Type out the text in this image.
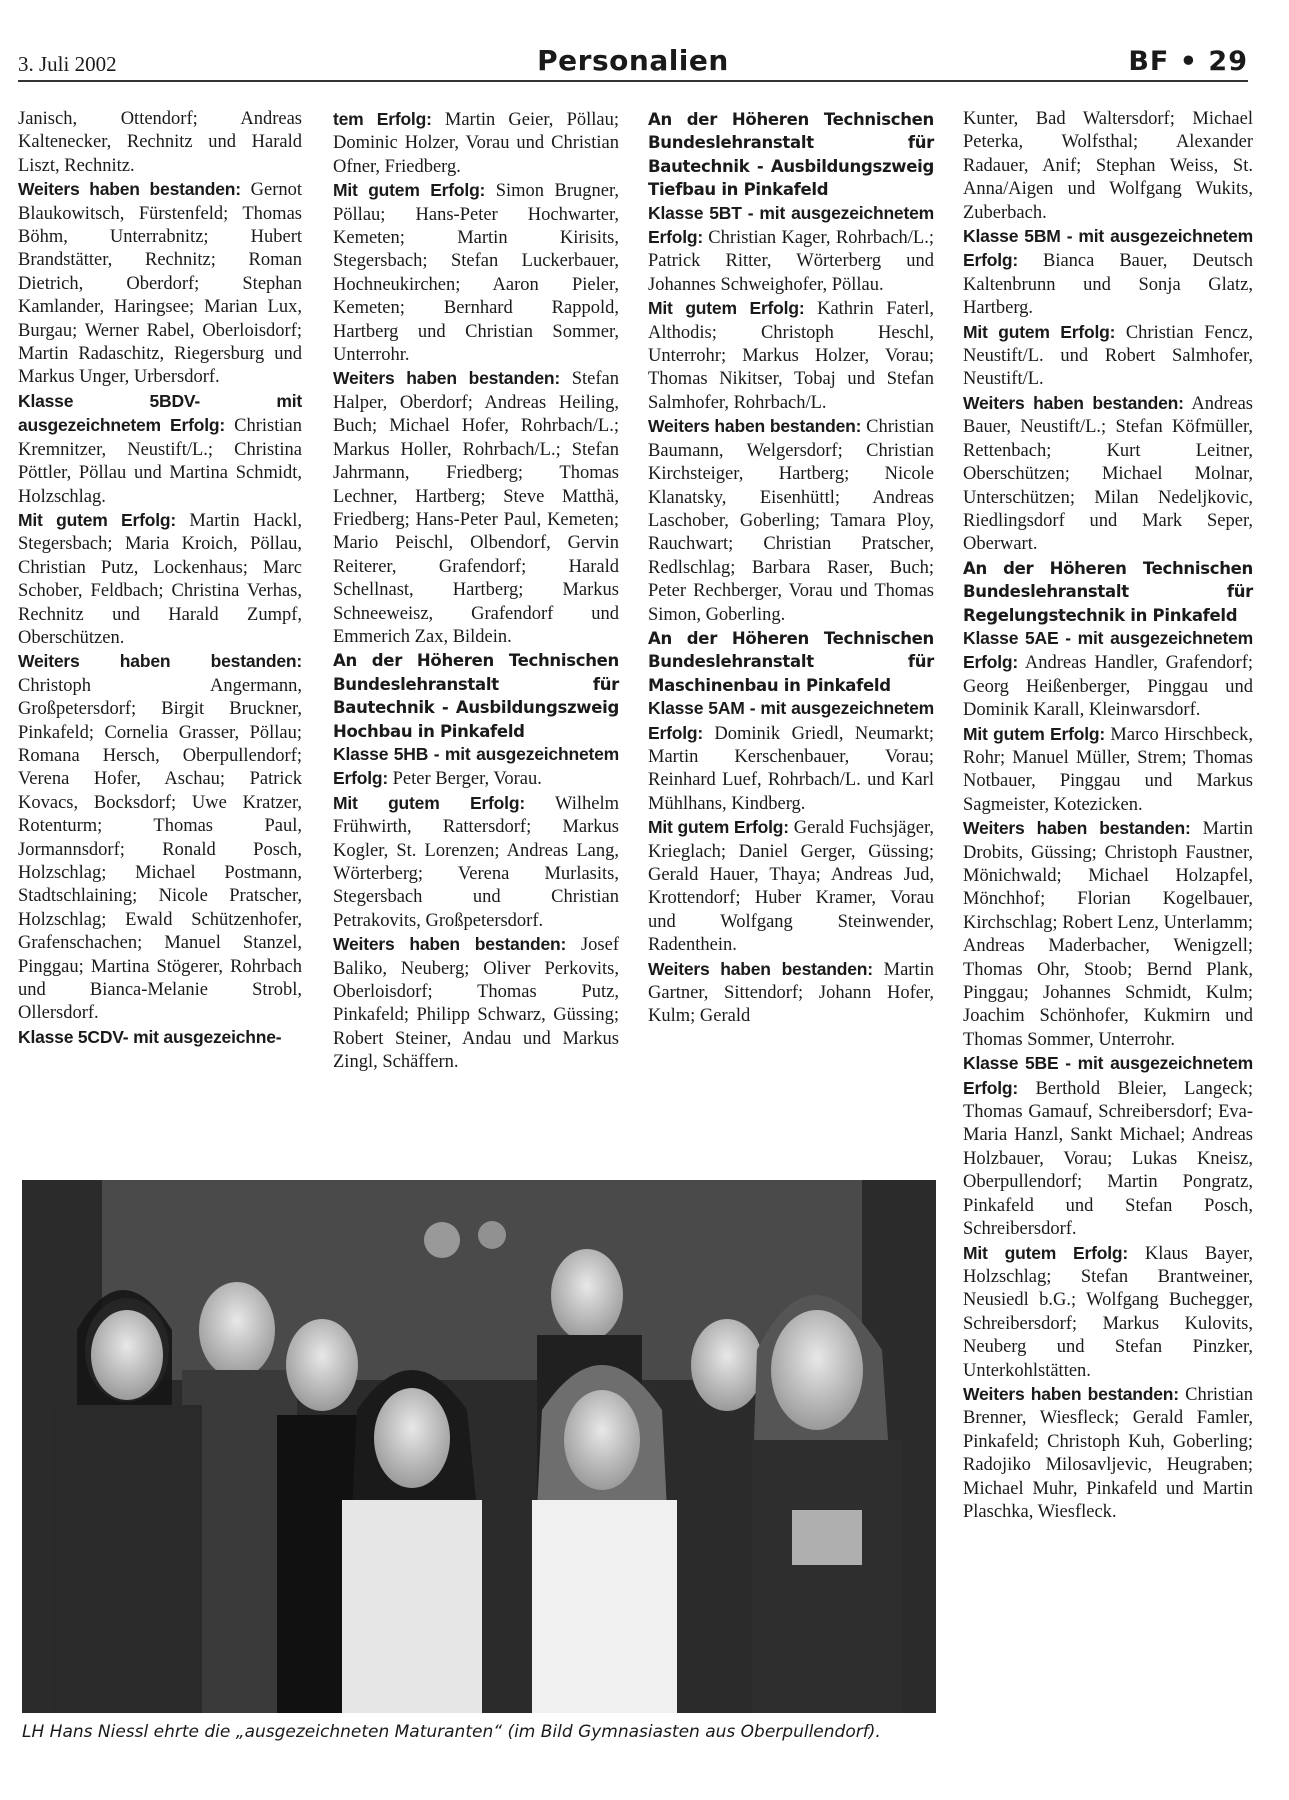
3. Juli 2002	Personalien	BF • 29

Janisch, Ottendorf; Andreas Kaltenecker, Rechnitz und Harald Liszt, Rechnitz.

Weiters haben bestanden: Gernot Blaukowitsch, Fürstenfeld; Thomas Böhm, Unterrabnitz; Hubert Brandstätter, Rechnitz; Roman Dietrich, Oberdorf; Stephan Kamlander, Haringsee; Marian Lux, Burgau; Werner Rabel, Oberloisdorf; Martin Radaschitz, Riegersburg und Markus Unger, Urbersdorf.

Klasse 5BDV- mit ausgezeichnetem Erfolg: Christian Kremnitzer, Neustift/L.; Christina Pöttler, Pöllau und Martina Schmidt, Holzschlag.

Mit gutem Erfolg: Martin Hackl, Stegersbach; Maria Kroich, Pöllau, Christian Putz, Lockenhaus; Marc Schober, Feldbach; Christina Verhas, Rechnitz und Harald Zumpf, Oberschützen.

Weiters haben bestanden: Christoph Angermann, Großpetersdorf; Birgit Bruckner, Pinkafeld; Cornelia Grasser, Pöllau; Romana Hersch, Oberpullendorf; Verena Hofer, Aschau; Patrick Kovacs, Bocksdorf; Uwe Kratzer, Rotenturm; Thomas Paul, Jormannsdorf; Ronald Posch, Holzschlag; Michael Postmann, Stadtschlaining; Nicole Pratscher, Holzschlag; Ewald Schützenhofer, Grafenschachen; Manuel Stanzel, Pinggau; Martina Stögerer, Rohrbach und Bianca-Melanie Strobl, Ollersdorf.

Klasse 5CDV- mit ausgezeichne-

tem Erfolg: Martin Geier, Pöllau; Dominic Holzer, Vorau und Christian Ofner, Friedberg.

Mit gutem Erfolg: Simon Brugner, Pöllau; Hans-Peter Hochwarter, Kemeten; Martin Kirisits, Stegersbach; Stefan Luckerbauer, Hochneukirchen; Aaron Pieler, Kemeten; Bernhard Rappold, Hartberg und Christian Sommer, Unterrohr.

Weiters haben bestanden: Stefan Halper, Oberdorf; Andreas Heiling, Buch; Michael Hofer, Rohrbach/L.; Markus Holler, Rohrbach/L.; Stefan Jahrmann, Friedberg; Thomas Lechner, Hartberg; Steve Matthä, Friedberg; Hans-Peter Paul, Kemeten; Mario Peischl, Olbendorf, Gervin Reiterer, Grafendorf; Harald Schellnast, Hartberg; Markus Schneeweisz, Grafendorf und Emmerich Zax, Bildein.

An der Höheren Technischen Bundeslehranstalt für Bautechnik - Ausbildungszweig Hochbau in Pinkafeld

Klasse 5HB - mit ausgezeichnetem Erfolg: Peter Berger, Vorau.

Mit gutem Erfolg: Wilhelm Frühwirth, Rattersdorf; Markus Kogler, St. Lorenzen; Andreas Lang, Wörterberg; Verena Murlasits, Stegersbach und Christian Petrakovits, Großpetersdorf.

Weiters haben bestanden: Josef Baliko, Neuberg; Oliver Perkovits, Oberloisdorf; Thomas Putz, Pinkafeld; Philipp Schwarz, Güssing; Robert Steiner, Andau und Markus Zingl, Schäffern.

An der Höheren Technischen Bundeslehranstalt für Bautechnik - Ausbildungszweig Tiefbau in Pinkafeld

Klasse 5BT - mit ausgezeichnetem Erfolg: Christian Kager, Rohrbach/L.; Patrick Ritter, Wörterberg und Johannes Schweighofer, Pöllau.

Mit gutem Erfolg: Kathrin Faterl, Althodis; Christoph Heschl, Unterrohr; Markus Holzer, Vorau; Thomas Nikitser, Tobaj und Stefan Salmhofer, Rohrbach/L.

Weiters haben bestanden: Christian Baumann, Welgersdorf; Christian Kirchsteiger, Hartberg; Nicole Klanatsky, Eisenhüttl; Andreas Laschober, Goberling; Tamara Ploy, Rauchwart; Christian Pratscher, Redlschlag; Barbara Raser, Buch; Peter Rechberger, Vorau und Thomas Simon, Goberling.

An der Höheren Technischen Bundeslehranstalt für Maschinenbau in Pinkafeld

Klasse 5AM - mit ausgezeichnetem Erfolg: Dominik Griedl, Neumarkt; Martin Kerschenbauer, Vorau; Reinhard Luef, Rohrbach/L. und Karl Mühlhans, Kindberg.

Mit gutem Erfolg: Gerald Fuchsjäger, Krieglach; Daniel Gerger, Güssing; Gerald Hauer, Thaya; Andreas Jud, Krottendorf; Huber Kramer, Vorau und Wolfgang Steinwender, Radenthein.

Weiters haben bestanden: Martin Gartner, Sittendorf; Johann Hofer, Kulm; Gerald

Kunter, Bad Waltersdorf; Michael Peterka, Wolfsthal; Alexander Radauer, Anif; Stephan Weiss, St. Anna/Aigen und Wolfgang Wukits, Zuberbach.

Klasse 5BM - mit ausgezeichnetem Erfolg: Bianca Bauer, Deutsch Kaltenbrunn und Sonja Glatz, Hartberg.

Mit gutem Erfolg: Christian Fencz, Neustift/L. und Robert Salmhofer, Neustift/L.

Weiters haben bestanden: Andreas Bauer, Neustift/L.; Stefan Köfmüller, Rettenbach; Kurt Leitner, Oberschützen; Michael Molnar, Unterschützen; Milan Nedeljkovic, Riedlingsdorf und Mark Seper, Oberwart.

An der Höheren Technischen Bundeslehranstalt für Regelungstechnik in Pinkafeld

Klasse 5AE - mit ausgezeichnetem Erfolg: Andreas Handler, Grafendorf; Georg Heißenberger, Pinggau und Dominik Karall, Kleinwarsdorf.

Mit gutem Erfolg: Marco Hirschbeck, Rohr; Manuel Müller, Strem; Thomas Notbauer, Pinggau und Markus Sagmeister, Kotezicken.

Weiters haben bestanden: Martin Drobits, Güssing; Christoph Faustner, Mönichwald; Michael Holzapfel, Mönchhof; Florian Kogelbauer, Kirchschlag; Robert Lenz, Unterlamm; Andreas Maderbacher, Wenigzell; Thomas Ohr, Stoob; Bernd Plank, Pinggau; Johannes Schmidt, Kulm; Joachim Schönhofer, Kukmirn und Thomas Sommer, Unterrohr.

Klasse 5BE - mit ausgezeichnetem Erfolg: Berthold Bleier, Langeck; Thomas Gamauf, Schreibersdorf; Eva-Maria Hanzl, Sankt Michael; Andreas Holzbauer, Vorau; Lukas Kneisz, Oberpullendorf; Martin Pongratz, Pinkafeld und Stefan Posch, Schreibersdorf.

Mit gutem Erfolg: Klaus Bayer, Holzschlag; Stefan Brantweiner, Neusiedl b.G.; Wolfgang Buchegger, Schreibersdorf; Markus Kulovits, Neuberg und Stefan Pinzker, Unterkohlstätten.

Weiters haben bestanden: Christian Brenner, Wiesfleck; Gerald Famler, Pinkafeld; Christoph Kuh, Goberling; Radojiko Milosavljevic, Heugraben; Michael Muhr, Pinkafeld und Martin Plaschka, Wiesfleck.

LH Hans Niessl ehrte die „ausgezeichneten Maturanten“ (im Bild Gymnasiasten aus Oberpullendorf).
